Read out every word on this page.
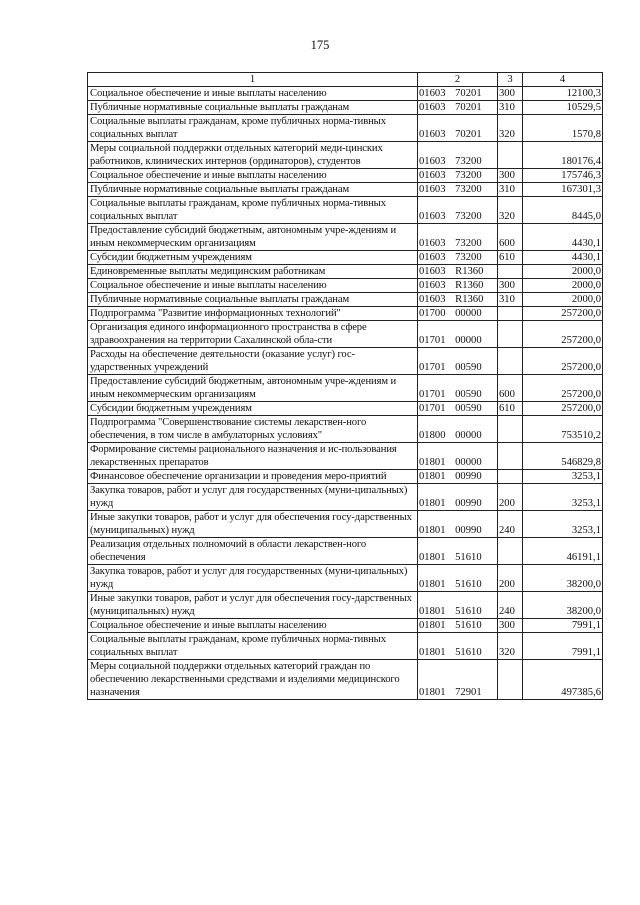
175
1	2	3	4
Социальное обеспечение и иные выплаты населению	01603 70201	300	12100,3
Публичные нормативные социальные выплаты гражданам	01603 70201	310	10529,5
Социальные выплаты гражданам, кроме публичных норма-тивных социальных выплат	01603 70201	320	1570,8
Меры социальной поддержки отдельных категорий меди-цинских работников, клинических интернов (ординаторов), студентов	01603 73200		180176,4
Социальное обеспечение и иные выплаты населению	01603 73200	300	175746,3
Публичные нормативные социальные выплаты гражданам	01603 73200	310	167301,3
Социальные выплаты гражданам, кроме публичных норма-тивных социальных выплат	01603 73200	320	8445,0
Предоставление субсидий бюджетным, автономным учре-ждениям и иным некоммерческим организациям	01603 73200	600	4430,1
Субсидии бюджетным учреждениям	01603 73200	610	4430,1
Единовременные выплаты медицинским работникам	01603 R1360		2000,0
Социальное обеспечение и иные выплаты населению	01603 R1360	300	2000,0
Публичные нормативные социальные выплаты гражданам	01603 R1360	310	2000,0
Подпрограмма "Развитие информационных технологий"	01700 00000		257200,0
Организация единого информационного пространства в сфере здравоохранения на территории Сахалинской обла-сти	01701 00000		257200,0
Расходы на обеспечение деятельности (оказание услуг) гос-ударственных учреждений	01701 00590		257200,0
Предоставление субсидий бюджетным, автономным учре-ждениям и иным некоммерческим организациям	01701 00590	600	257200,0
Субсидии бюджетным учреждениям	01701 00590	610	257200,0
Подпрограмма "Совершенствование системы лекарствен-ного обеспечения, в том числе в амбулаторных условиях"	01800 00000		753510,2
Формирование системы рационального назначения и ис-пользования лекарственных препаратов	01801 00000		546829,8
Финансовое обеспечение организации и проведения меро-приятий	01801 00990		3253,1
Закупка товаров, работ и услуг для государственных (муни-ципальных) нужд	01801 00990	200	3253,1
Иные закупки товаров, работ и услуг для обеспечения госу-дарственных (муниципальных) нужд	01801 00990	240	3253,1
Реализация отдельных полномочий в области лекарствен-ного обеспечения	01801 51610		46191,1
Закупка товаров, работ и услуг для государственных (муни-ципальных) нужд	01801 51610	200	38200,0
Иные закупки товаров, работ и услуг для обеспечения госу-дарственных (муниципальных) нужд	01801 51610	240	38200,0
Социальное обеспечение и иные выплаты населению	01801 51610	300	7991,1
Социальные выплаты гражданам, кроме публичных норма-тивных социальных выплат	01801 51610	320	7991,1
Меры социальной поддержки отдельных категорий граждан по обеспечению лекарственными средствами и изделиями медицинского назначения	01801 72901		497385,6
